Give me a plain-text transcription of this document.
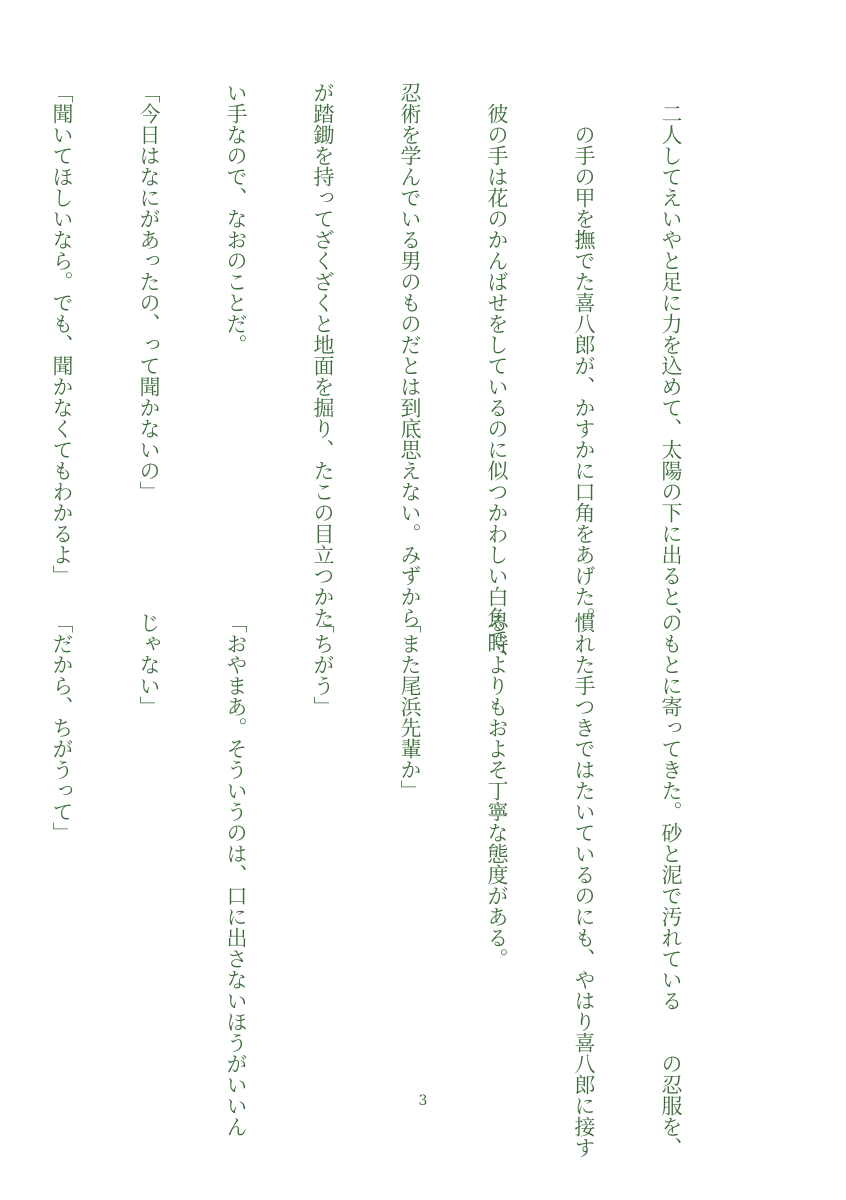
　二人してえいやと足に力を込めて、太陽の下に出ると、

　　の手の甲を撫でた喜八郎が、かすかに口角をあげた。

　彼の手は花のかんばせをしているのに似つかわしい白魚で、

忍術を学んでいる男のものだとは到底思えない。みずから

が踏鋤を持ってざくざくと地面を掘り、たこの目立つかた

い手なので、なおのことだ。

「今日はなにがあったの、って聞かないの」

「聞いてほしいなら。でも、聞かなくてもわかるよ」

のもとに寄ってきた。砂と泥で汚れている　　の忍服を、

慣れた手つきではたいているのにも、やはり喜八郎に接す

る時よりもおよそ丁寧な態度がある。

「また尾浜先輩か」

「ちがう」

「おやまあ。そういうのは、口に出さないほうがいいん

じゃない」

「だから、ちがうって」

3
